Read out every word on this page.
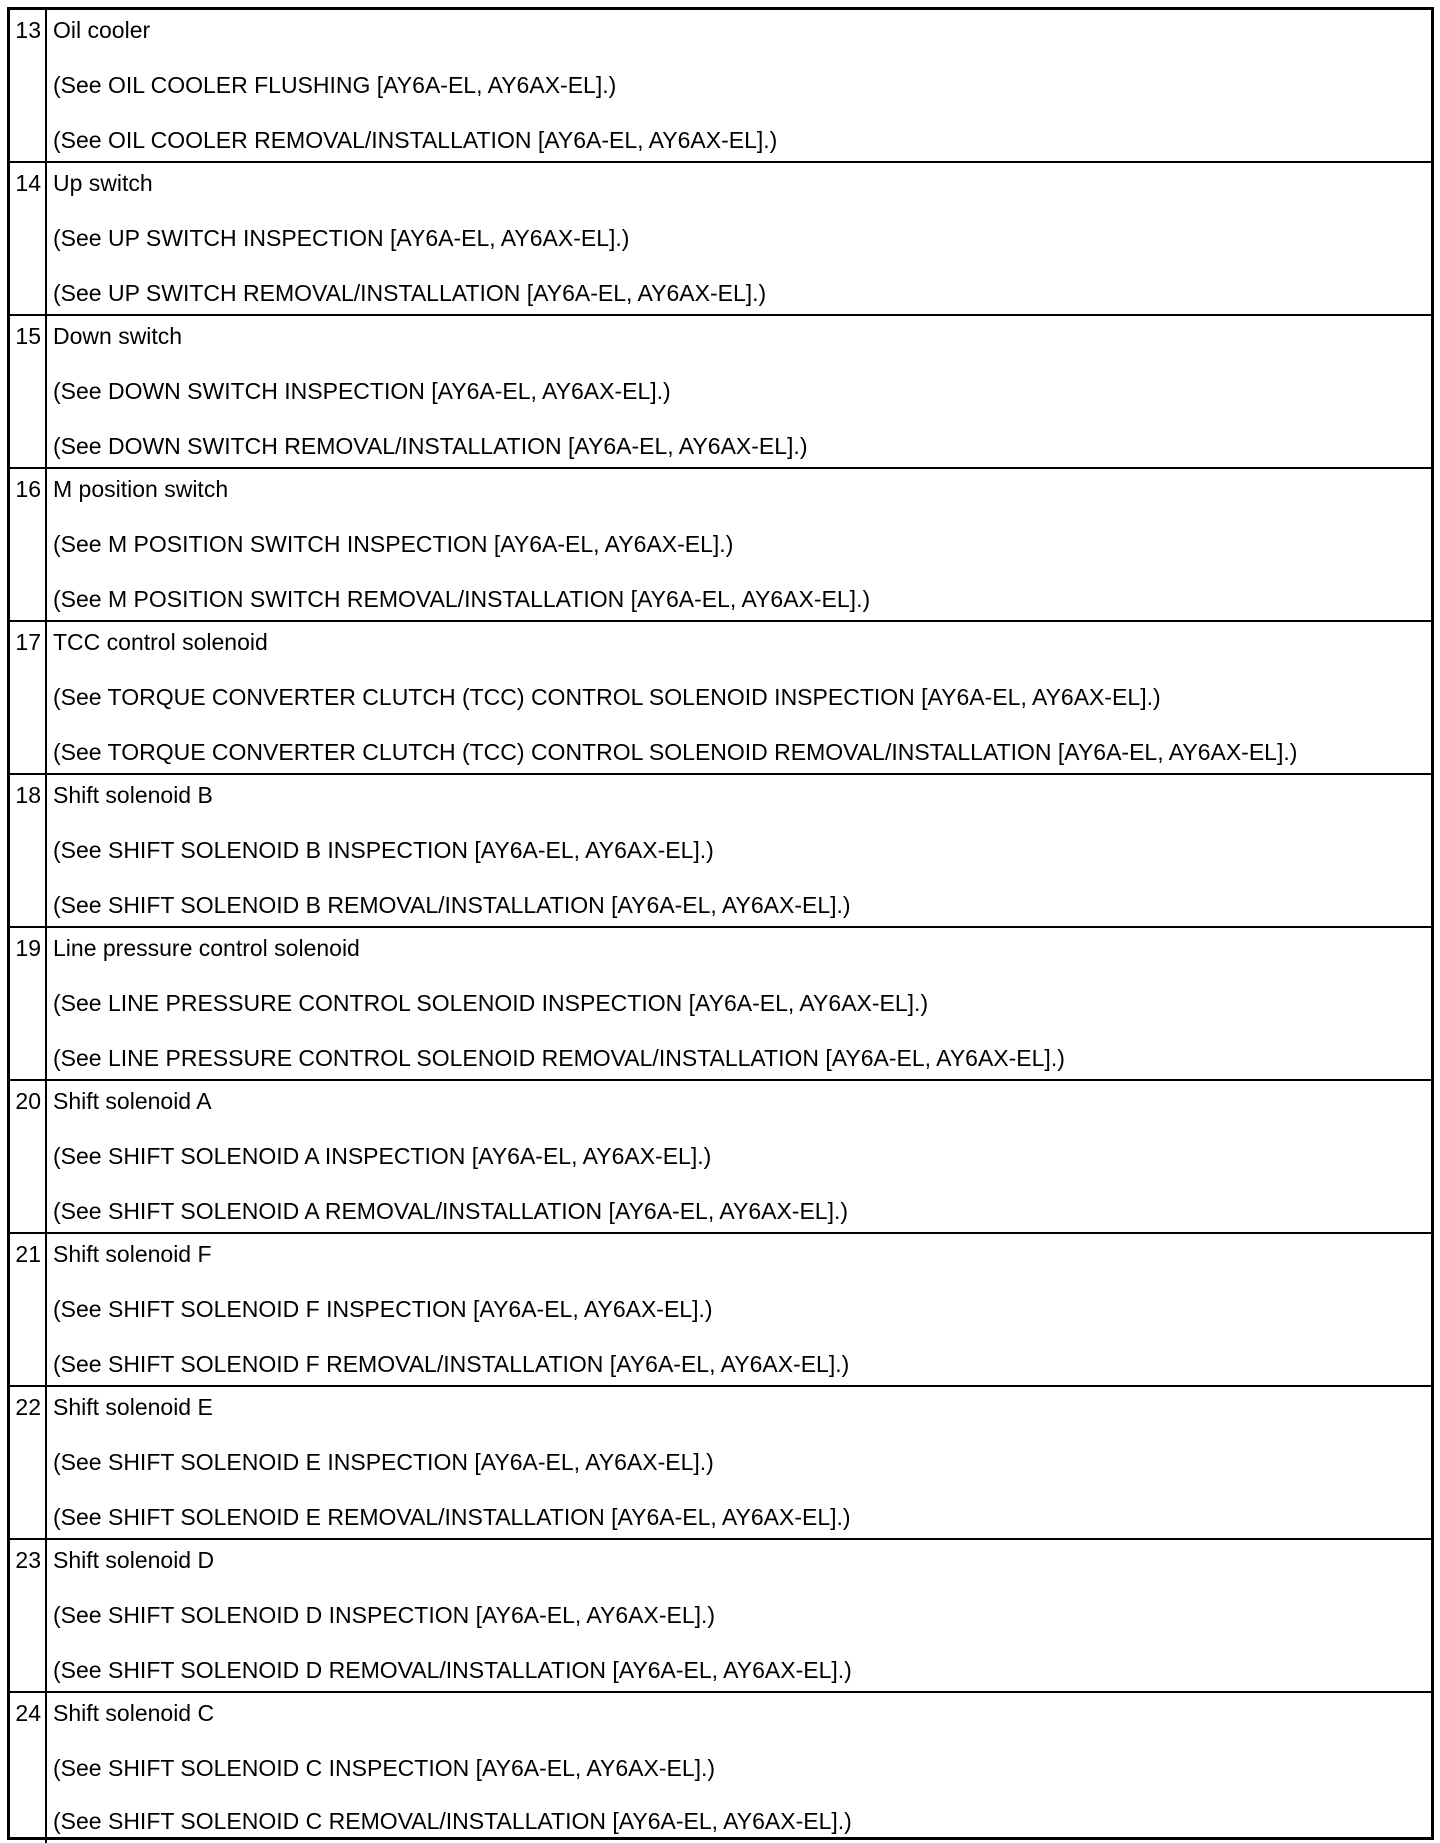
13 Oil cooler
(See OIL COOLER FLUSHING [AY6A-EL, AY6AX-EL].)
(See OIL COOLER REMOVAL/INSTALLATION [AY6A-EL, AY6AX-EL].)
14 Up switch
(See UP SWITCH INSPECTION [AY6A-EL, AY6AX-EL].)
(See UP SWITCH REMOVAL/INSTALLATION [AY6A-EL, AY6AX-EL].)
15 Down switch
(See DOWN SWITCH INSPECTION [AY6A-EL, AY6AX-EL].)
(See DOWN SWITCH REMOVAL/INSTALLATION [AY6A-EL, AY6AX-EL].)
16 M position switch
(See M POSITION SWITCH INSPECTION [AY6A-EL, AY6AX-EL].)
(See M POSITION SWITCH REMOVAL/INSTALLATION [AY6A-EL, AY6AX-EL].)
17 TCC control solenoid
(See TORQUE CONVERTER CLUTCH (TCC) CONTROL SOLENOID INSPECTION [AY6A-EL, AY6AX-EL].)
(See TORQUE CONVERTER CLUTCH (TCC) CONTROL SOLENOID REMOVAL/INSTALLATION [AY6A-EL, AY6AX-EL].)
18 Shift solenoid B
(See SHIFT SOLENOID B INSPECTION [AY6A-EL, AY6AX-EL].)
(See SHIFT SOLENOID B REMOVAL/INSTALLATION [AY6A-EL, AY6AX-EL].)
19 Line pressure control solenoid
(See LINE PRESSURE CONTROL SOLENOID INSPECTION [AY6A-EL, AY6AX-EL].)
(See LINE PRESSURE CONTROL SOLENOID REMOVAL/INSTALLATION [AY6A-EL, AY6AX-EL].)
20 Shift solenoid A
(See SHIFT SOLENOID A INSPECTION [AY6A-EL, AY6AX-EL].)
(See SHIFT SOLENOID A REMOVAL/INSTALLATION [AY6A-EL, AY6AX-EL].)
21 Shift solenoid F
(See SHIFT SOLENOID F INSPECTION [AY6A-EL, AY6AX-EL].)
(See SHIFT SOLENOID F REMOVAL/INSTALLATION [AY6A-EL, AY6AX-EL].)
22 Shift solenoid E
(See SHIFT SOLENOID E INSPECTION [AY6A-EL, AY6AX-EL].)
(See SHIFT SOLENOID E REMOVAL/INSTALLATION [AY6A-EL, AY6AX-EL].)
23 Shift solenoid D
(See SHIFT SOLENOID D INSPECTION [AY6A-EL, AY6AX-EL].)
(See SHIFT SOLENOID D REMOVAL/INSTALLATION [AY6A-EL, AY6AX-EL].)
24 Shift solenoid C
(See SHIFT SOLENOID C INSPECTION [AY6A-EL, AY6AX-EL].)
(See SHIFT SOLENOID C REMOVAL/INSTALLATION [AY6A-EL, AY6AX-EL].)
